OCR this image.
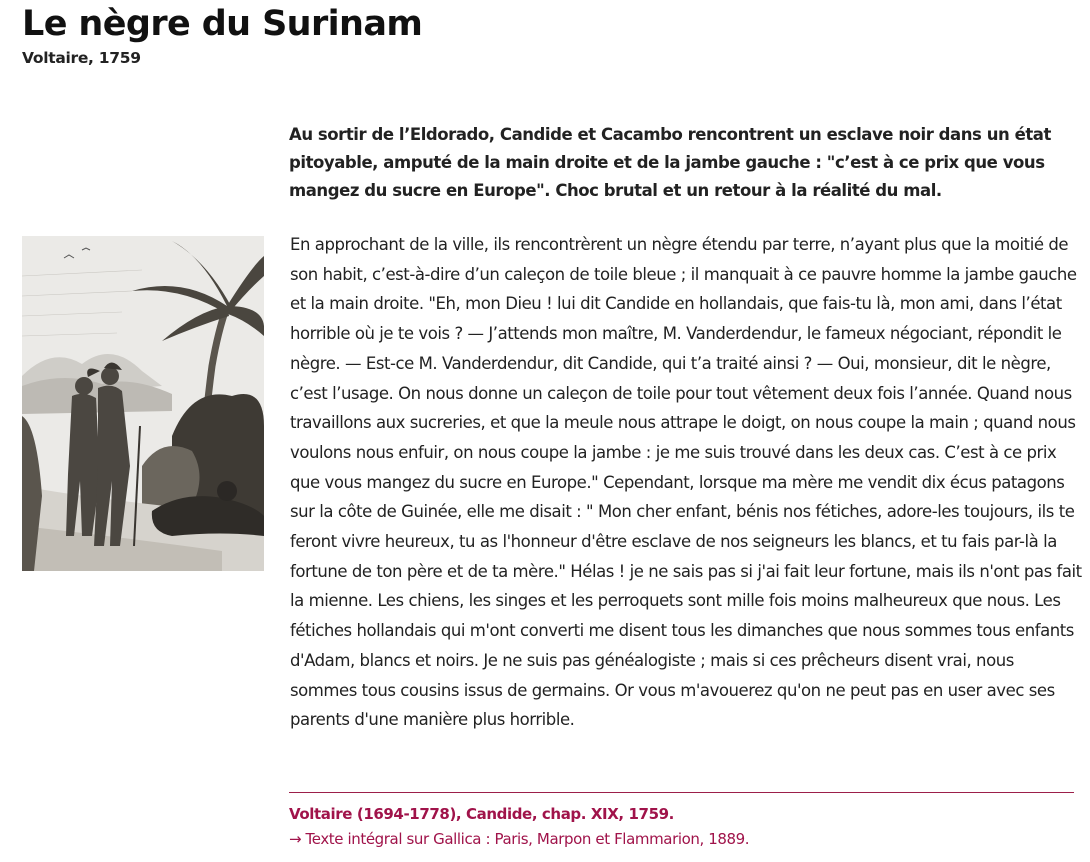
Le nègre du Surinam

Voltaire, 1759

Au sortir de l’Eldorado, Candide et Cacambo rencontrent un esclave noir dans un état pitoyable, amputé de la main droite et de la jambe gauche : "c’est à ce prix que vous mangez du sucre en Europe". Choc brutal et un retour à la réalité du mal.

En approchant de la ville, ils rencontrèrent un nègre étendu par terre, n’ayant plus que la moitié de son habit, c’est-à-dire d’un caleçon de toile bleue ; il manquait à ce pauvre homme la jambe gauche et la main droite. "Eh, mon Dieu ! lui dit Candide en hollandais, que fais-tu là, mon ami, dans l’état horrible où je te vois ? — J’attends mon maître, M. Vanderdendur, le fameux négociant, répondit le nègre. — Est-ce M. Vanderdendur, dit Candide, qui t’a traité ainsi ? — Oui, monsieur, dit le nègre, c’est l’usage. On nous donne un caleçon de toile pour tout vêtement deux fois l’année. Quand nous travaillons aux sucreries, et que la meule nous attrape le doigt, on nous coupe la main ; quand nous voulons nous enfuir, on nous coupe la jambe : je me suis trouvé dans les deux cas. C’est à ce prix que vous mangez du sucre en Europe." Cependant, lorsque ma mère me vendit dix écus patagons sur la côte de Guinée, elle me disait : " Mon cher enfant, bénis nos fétiches, adore-les toujours, ils te feront vivre heureux, tu as l'honneur d'être esclave de nos seigneurs les blancs, et tu fais par-là la fortune de ton père et de ta mère." Hélas ! je ne sais pas si j'ai fait leur fortune, mais ils n'ont pas fait la mienne. Les chiens, les singes et les perroquets sont mille fois moins malheureux que nous. Les fétiches hollandais qui m'ont converti me disent tous les dimanches que nous sommes tous enfants d'Adam, blancs et noirs. Je ne suis pas généalogiste ; mais si ces prêcheurs disent vrai, nous sommes tous cousins issus de germains. Or vous m'avouerez qu'on ne peut pas en user avec ses parents d'une manière plus horrible.

Voltaire (1694-1778), Candide, chap. XIX, 1759.

→ Texte intégral sur Gallica : Paris, Marpon et Flammarion, 1889.
